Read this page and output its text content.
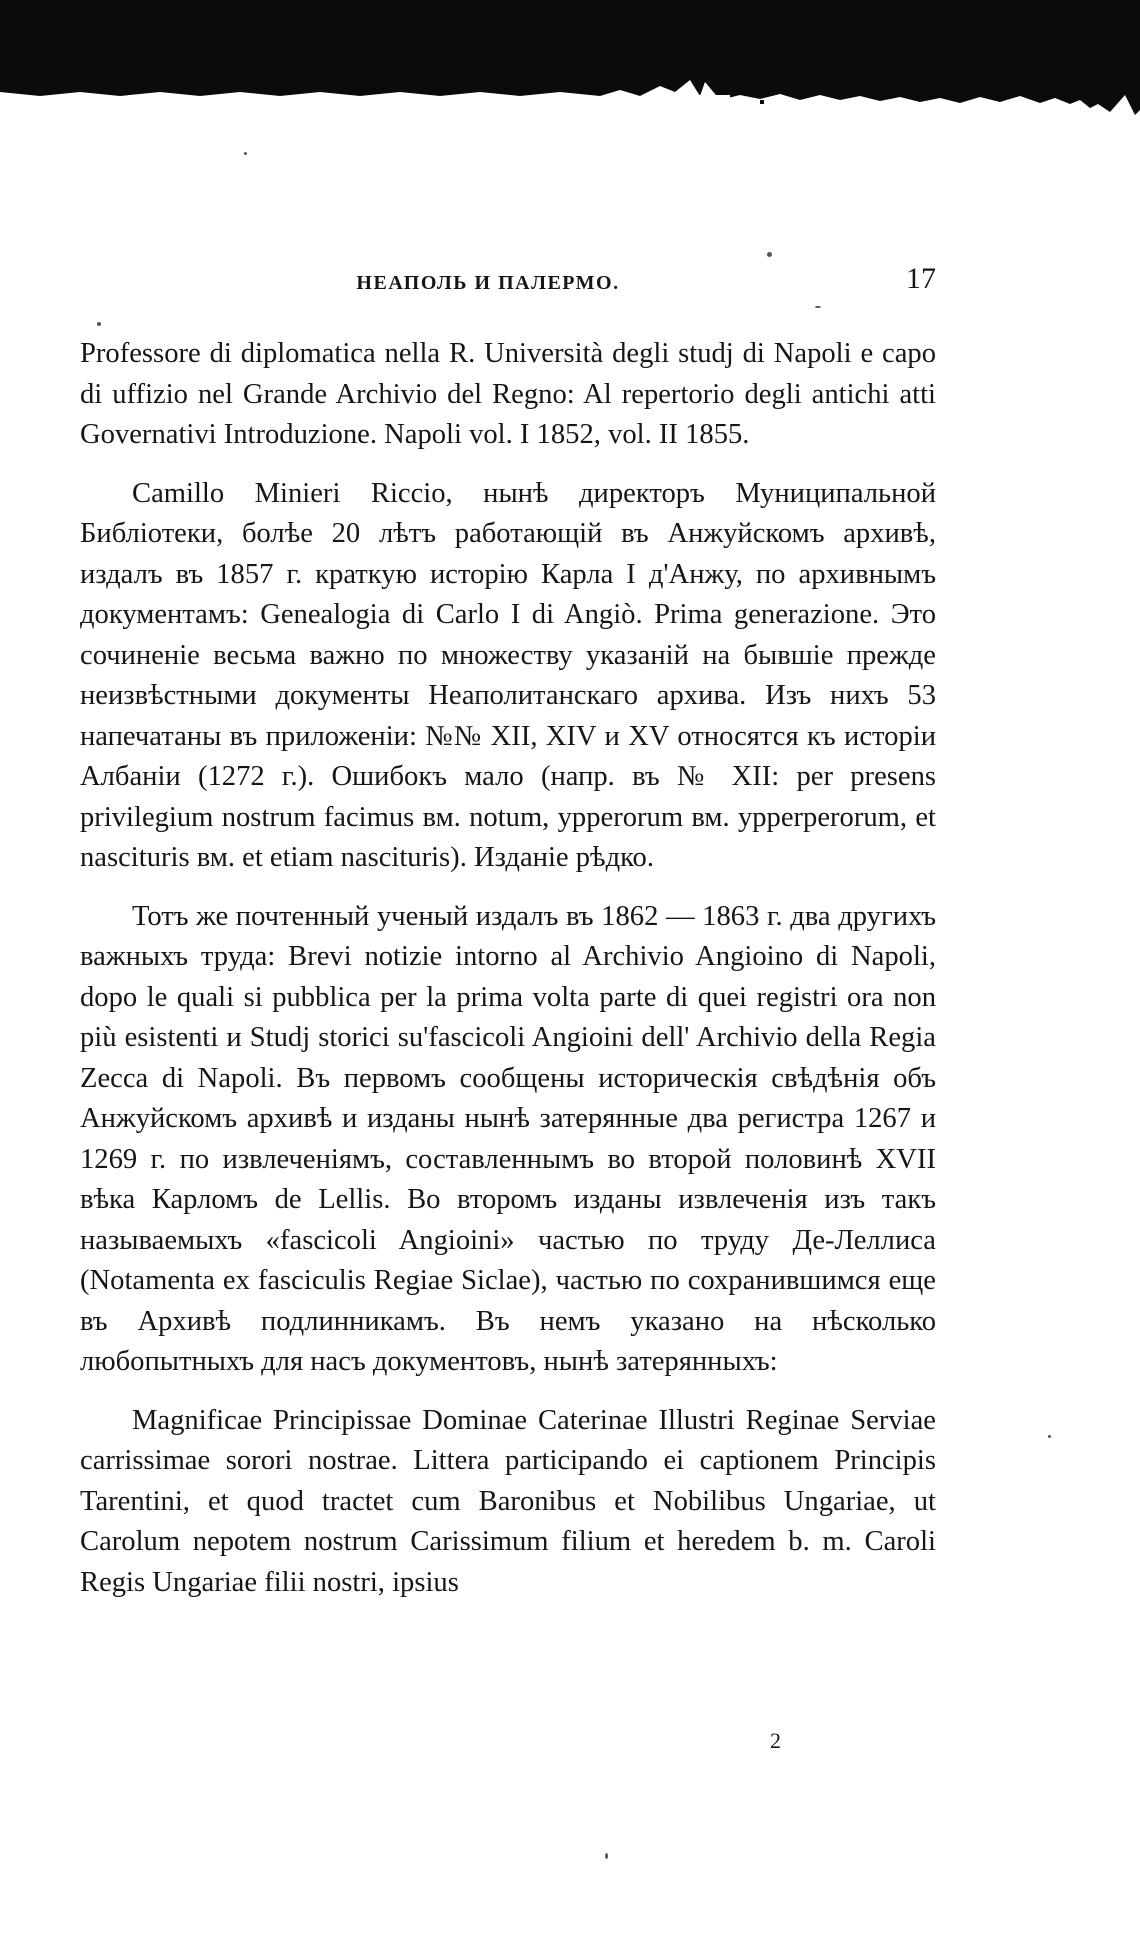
НЕАПОЛЬ И ПАЛЕРМО.	17

Professore di diplomatica nella R. Università degli studj di Napoli e capo di uffizio nel Grande Archivio del Regno: Al repertorio degli antichi atti Governativi Introduzione. Napoli vol. I 1852, vol. II 1855.

Camillo Minieri Riccio, нынѣ директоръ Муниципальной Библіотеки, болѣе 20 лѣтъ работающій въ Анжуйскомъ архивѣ, издалъ въ 1857 г. краткую исторію Карла I д'Анжу, по архивнымъ документамъ: Genealogia di Carlo I di Angiò. Prima generazione. Это сочиненіе весьма важно по множеству указаній на бывшіе прежде неизвѣстными документы Неаполитанскаго архива. Изъ нихъ 53 напечатаны въ приложеніи: №№ XII, XIV и XV относятся къ исторіи Албаніи (1272 г.). Ошибокъ мало (напр. въ № XII: per presens privilegium nostrum facimus вм. notum, ypperorum вм. ypperperorum, et nascituris вм. et etiam nascituris). Изданіе рѣдко.

Тотъ же почтенный ученый издалъ въ 1862 — 1863 г. два другихъ важныхъ труда: Brevi notizie intorno al Archivio Angioino di Napoli, dopo le quali si pubblica per la prima volta parte di quei registri ora non più esistenti и Studj storici su'fascicoli Angioini dell' Archivio della Regia Zecca di Napoli. Въ первомъ сообщены историческія свѣдѣнія объ Анжуйскомъ архивѣ и изданы нынѣ затерянные два регистра 1267 и 1269 г. по извлеченіямъ, составленнымъ во второй половинѣ XVII вѣка Карломъ de Lellis. Во второмъ изданы извлеченія изъ такъ называемыхъ «fascicoli Angioini» частью по труду Де-Леллиса (Notamenta ex fasciculis Regiae Siclae), частью по сохранившимся еще въ Архивѣ подлинникамъ. Въ немъ указано на нѣсколько любопытныхъ для насъ документовъ, нынѣ затерянныхъ:

Magnificae Principissae Dominae Caterinae Illustri Reginae Serviae carrissimae sorori nostrae. Littera participando ei captionem Principis Tarentini, et quod tractet cum Baronibus et Nobilibus Ungariae, ut Carolum nepotem nostrum Carissimum filium et heredem b. m. Caroli Regis Ungariae filii nostri, ipsius

2
